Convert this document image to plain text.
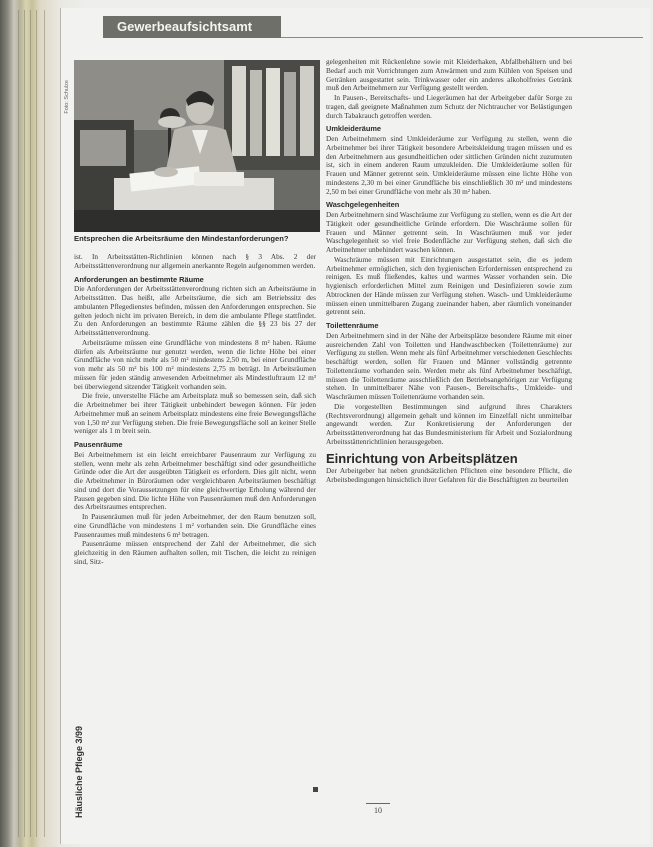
Gewerbeaufsichtsamt
Foto: Schulze
Entsprechen die Arbeitsräume den Mindestanforderungen?

ist. In Arbeitsstätten-Richtlinien können nach § 3 Abs. 2 der Arbeitsstättenverordnung nur allgemein anerkannte Regeln aufgenommen werden.

Anforderungen an bestimmte Räume

Die Anforderungen der Arbeitsstättenverordnung richten sich an Arbeitsräume in Arbeitsstätten. Das heißt, alle Arbeitsräume, die sich am Betriebssitz des ambulanten Pflegedienstes befinden, müssen den Anforderungen entsprechen. Sie gelten jedoch nicht im privaten Bereich, in dem die ambulante Pflege stattfindet. Zu den Anforderungen an bestimmte Räume zählen die §§ 23 bis 27 der Arbeitsstättenverordnung.

Arbeitsräume müssen eine Grundfläche von mindestens 8 m² haben. Räume dürfen als Arbeitsräume nur genutzt werden, wenn die lichte Höhe bei einer Grundfläche von nicht mehr als 50 m² mindestens 2,50 m, bei einer Grundfläche von mehr als 50 m² bis 100 m² mindestens 2,75 m beträgt. In Arbeitsräumen müssen für jeden ständig anwesenden Arbeitnehmer als Mindestluftraum 12 m³ bei überwiegend sitzender Tätigkeit vorhanden sein.

Die freie, unverstellte Fläche am Arbeitsplatz muß so bemessen sein, daß sich die Arbeitnehmer bei ihrer Tätigkeit unbehindert bewegen können. Für jeden Arbeitnehmer muß an seinem Arbeitsplatz mindestens eine freie Bewegungsfläche von 1,50 m² zur Verfügung stehen. Die freie Bewegungsfläche soll an keiner Stelle weniger als 1 m breit sein.

Pausenräume

Bei Arbeitnehmern ist ein leicht erreichbarer Pausenraum zur Verfügung zu stellen, wenn mehr als zehn Arbeitnehmer beschäftigt sind oder gesundheitliche Gründe oder die Art der ausgeübten Tätigkeit es erfordern. Dies gilt nicht, wenn die Arbeitnehmer in Büroräumen oder vergleichbaren Arbeitsräumen beschäftigt sind und dort die Voraussetzungen für eine gleichwertige Erholung während der Pausen gegeben sind. Die lichte Höhe von Pausenräumen muß den Anforderungen des Arbeitsraumes entsprechen.

In Pausenräumen muß für jeden Arbeitnehmer, der den Raum benutzen soll, eine Grundfläche von mindestens 1 m² vorhanden sein. Die Grundfläche eines Pausenraumes muß mindestens 6 m² betragen.

Pausenräume müssen entsprechend der Zahl der Arbeitnehmer, die sich gleichzeitig in den Räumen aufhalten sollen, mit Tischen, die leicht zu reinigen sind, Sitz-

gelegenheiten mit Rückenlehne sowie mit Kleiderhaken, Abfallbehältern und bei Bedarf auch mit Vorrichtungen zum Anwärmen und zum Kühlen von Speisen und Getränken ausgestattet sein. Trinkwasser oder ein anderes alkoholfreies Getränk muß den Arbeitnehmern zur Verfügung gestellt werden.

In Pausen-, Bereitschafts- und Liegeräumen hat der Arbeitgeber dafür Sorge zu tragen, daß geeignete Maßnahmen zum Schutz der Nichtraucher vor Belästigungen durch Tabakrauch getroffen werden.

Umkleideräume

Den Arbeitnehmern sind Umkleideräume zur Verfügung zu stellen, wenn die Arbeitnehmer bei ihrer Tätigkeit besondere Arbeitskleidung tragen müssen und es den Arbeitnehmern aus gesundheitlichen oder sittlichen Gründen nicht zuzumuten ist, sich in einem anderen Raum umzukleiden. Die Umkleideräume sollen für Frauen und Männer getrennt sein. Umkleideräume müssen eine lichte Höhe von mindestens 2,30 m bei einer Grundfläche bis einschließlich 30 m² und mindestens 2,50 m bei einer Grundfläche von mehr als 30 m² haben.

Waschgelegenheiten

Den Arbeitnehmern sind Waschräume zur Verfügung zu stellen, wenn es die Art der Tätigkeit oder gesundheitliche Gründe erfordern. Die Waschräume sollen für Frauen und Männer getrennt sein. In Waschräumen muß vor jeder Waschgelegenheit so viel freie Bodenfläche zur Verfügung stehen, daß sich die Arbeitnehmer unbehindert waschen können.

Waschräume müssen mit Einrichtungen ausgestattet sein, die es jedem Arbeitnehmer ermöglichen, sich den hygienischen Erfordernissen entsprechend zu reinigen. Es muß fließendes, kaltes und warmes Wasser vorhanden sein. Die hygienisch erforderlichen Mittel zum Reinigen und Desinfizieren sowie zum Abtrocknen der Hände müssen zur Verfügung stehen. Wasch- und Umkleideräume müssen einen unmittelbaren Zugang zueinander haben, aber räumlich voneinander getrennt sein.

Toilettenräume

Den Arbeitnehmern sind in der Nähe der Arbeitsplätze besondere Räume mit einer ausreichenden Zahl von Toiletten und Handwaschbecken (Toilettenräume) zur Verfügung zu stellen. Wenn mehr als fünf Arbeitnehmer verschiedenen Geschlechts beschäftigt werden, sollen für Frauen und Männer vollständig getrennte Toilettenräume vorhanden sein. Werden mehr als fünf Arbeitnehmer beschäftigt, müssen die Toilettenräume ausschließlich den Betriebsangehörigen zur Verfügung stehen. In unmittelbarer Nähe von Pausen-, Bereitschafts-, Umkleide- und Waschräumen müssen Toilettenräume vorhanden sein.

Die vorgestellten Bestimmungen sind aufgrund ihres Charakters (Rechtsverordnung) allgemein gehalt und können im Einzelfall nicht unmittelbar angewandt werden. Zur Konkretisierung der Anforderungen der Arbeitsstättenverordnung hat das Bundesministerium für Arbeit und Sozialordnung Arbeitsstättenrichtlinien herausgegeben.

Einrichtung von Arbeitsplätzen

Der Arbeitgeber hat neben grundsätzlichen Pflichten eine besondere Pflicht, die Arbeitsbedingungen hinsichtlich ihrer Gefahren für die Beschäftigten zu beurteilen

Häusliche Pflege 3/99	10
